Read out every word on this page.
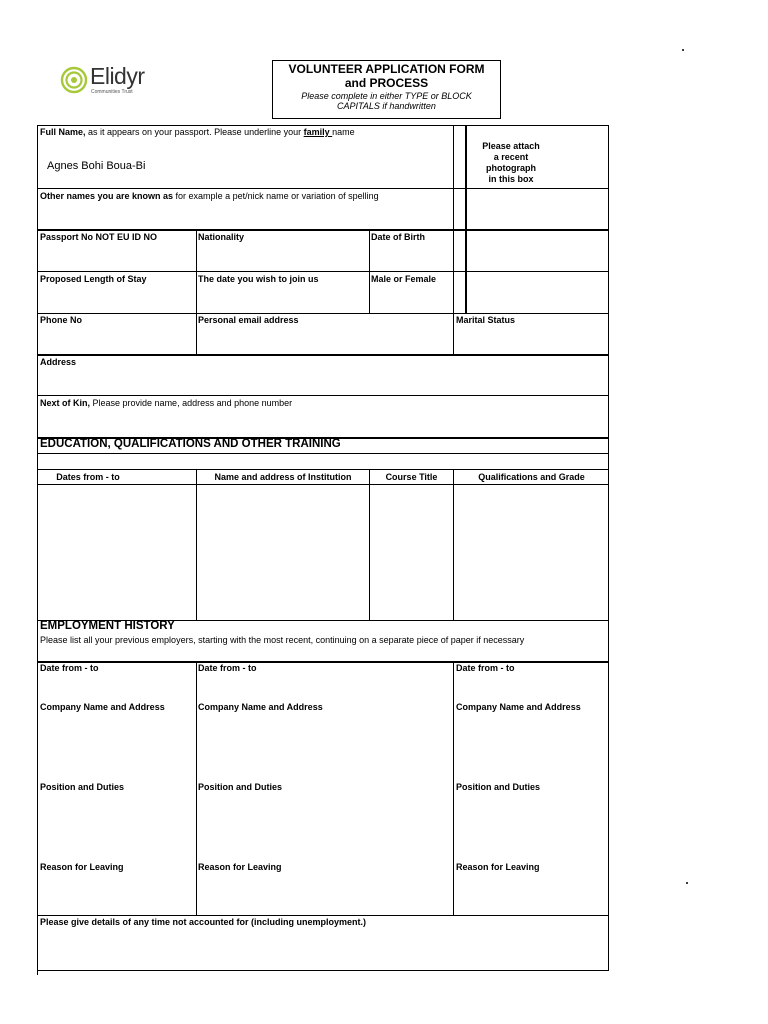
Elidyr
Communities Trust
VOLUNTEER APPLICATION FORM
and PROCESS
Please complete in either TYPE or BLOCK
CAPITALS if handwritten
Full Name, as it appears on your passport. Please underline your family name
Agnes Bohi Boua-Bi
Please attach
a recent
photograph
in this box
Other names you are known as for example a pet/nick name or variation of spelling
Passport No NOT EU ID NO	Nationality	Date of Birth
Proposed Length of Stay	The date you wish to join us	Male or Female
Phone No	Personal email address	Marital Status
Address
Next of Kin, Please provide name, address and phone number
EDUCATION, QUALIFICATIONS AND OTHER TRAINING
Dates from - to	Name and address of Institution	Course Title	Qualifications and Grade
EMPLOYMENT HISTORY
Please list all your previous employers, starting with the most recent, continuing on a separate piece of paper if necessary
Date from - to	Date from - to	Date from - to
Company Name and Address	Company Name and Address	Company Name and Address
Position and Duties	Position and Duties	Position and Duties
Reason for Leaving	Reason for Leaving	Reason for Leaving
Please give details of any time not accounted for (including unemployment.)
